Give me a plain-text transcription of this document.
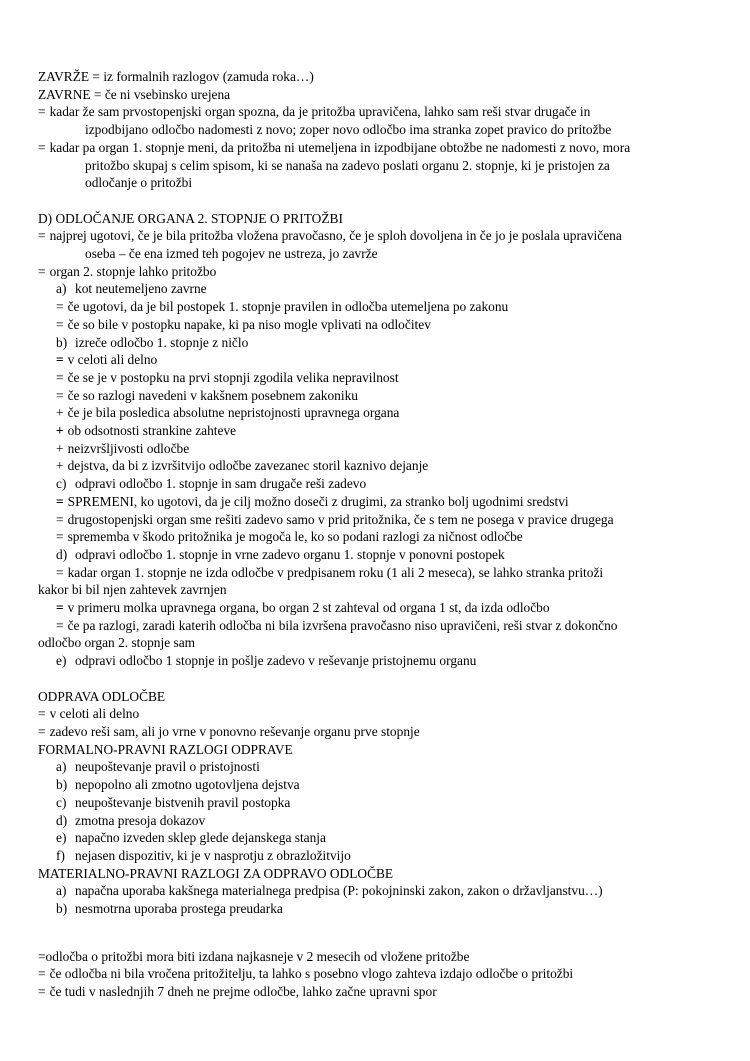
ZAVRŽE = iz formalnih razlogov (zamuda roka…)
ZAVRNE = če ni vsebinsko urejena
= kadar že sam prvostopenjski organ spozna, da je pritožba upravičena, lahko sam reši stvar drugače in
izpodbijano odločbo nadomesti z novo; zoper novo odločbo ima stranka zopet pravico do pritožbe
= kadar pa organ 1. stopnje meni, da pritožba ni utemeljena in izpodbijane obtožbe ne nadomesti z novo, mora
pritožbo skupaj s celim spisom, ki se nanaša na zadevo poslati organu 2. stopnje, ki je pristojen za
odločanje o pritožbi
D) ODLOČANJE ORGANA 2. STOPNJE O PRITOŽBI
= najprej ugotovi, če je bila pritožba vložena pravočasno, če je sploh dovoljena in če jo je poslala upravičena
oseba – če ena izmed teh pogojev ne ustreza, jo zavrže
= organ 2. stopnje lahko pritožbo
a) kot neutemeljeno zavrne
= če ugotovi, da je bil postopek 1. stopnje pravilen in odločba utemeljena po zakonu
= če so bile v postopku napake, ki pa niso mogle vplivati na odločitev
b) izreče odločbo 1. stopnje z ničlo
= v celoti ali delno
= če se je v postopku na prvi stopnji zgodila velika nepravilnost
= če so razlogi navedeni v kakšnem posebnem zakoniku
+ če je bila posledica absolutne nepristojnosti upravnega organa
+ ob odsotnosti strankine zahteve
+ neizvršljivosti odločbe
+ dejstva, da bi z izvršitvijo odločbe zavezanec storil kaznivo dejanje
c) odpravi odločbo 1. stopnje in sam drugače reši zadevo
= SPREMENI, ko ugotovi, da je cilj možno doseči z drugimi, za stranko bolj ugodnimi sredstvi
= drugostopenjski organ sme rešiti zadevo samo v prid pritožnika, če s tem ne posega v pravice drugega
= sprememba v škodo pritožnika je mogoča le, ko so podani razlogi za ničnost odločbe
d) odpravi odločbo 1. stopnje in vrne zadevo organu 1. stopnje v ponovni postopek
= kadar organ 1. stopnje ne izda odločbe v predpisanem roku (1 ali 2 meseca), se lahko stranka pritoži
kakor bi bil njen zahtevek zavrnjen
= v primeru molka upravnega organa, bo organ 2 st zahteval od organa 1 st, da izda odločbo
= če pa razlogi, zaradi katerih odločba ni bila izvršena pravočasno niso upravičeni, reši stvar z dokončno
odločbo organ 2. stopnje sam
e) odpravi odločbo 1 stopnje in pošlje zadevo v reševanje pristojnemu organu
ODPRAVA ODLOČBE
= v celoti ali delno
= zadevo reši sam, ali jo vrne v ponovno reševanje organu prve stopnje
FORMALNO-PRAVNI RAZLOGI ODPRAVE
a) neupoštevanje pravil o pristojnosti
b) nepopolno ali zmotno ugotovljena dejstva
c) neupoštevanje bistvenih pravil postopka
d) zmotna presoja dokazov
e) napačno izveden sklep glede dejanskega stanja
f) nejasen dispozitiv, ki je v nasprotju z obrazložitvijo
MATERIALNO-PRAVNI RAZLOGI ZA ODPRAVO ODLOČBE
a) napačna uporaba kakšnega materialnega predpisa (P: pokojninski zakon, zakon o državljanstvu…)
b) nesmotrna uporaba prostega preudarka
=odločba o pritožbi mora biti izdana najkasneje v 2 mesecih od vložene pritožbe
= če odločba ni bila vročena pritožitelju, ta lahko s posebno vlogo zahteva izdajo odločbe o pritožbi
= če tudi v naslednjih 7 dneh ne prejme odločbe, lahko začne upravni spor
